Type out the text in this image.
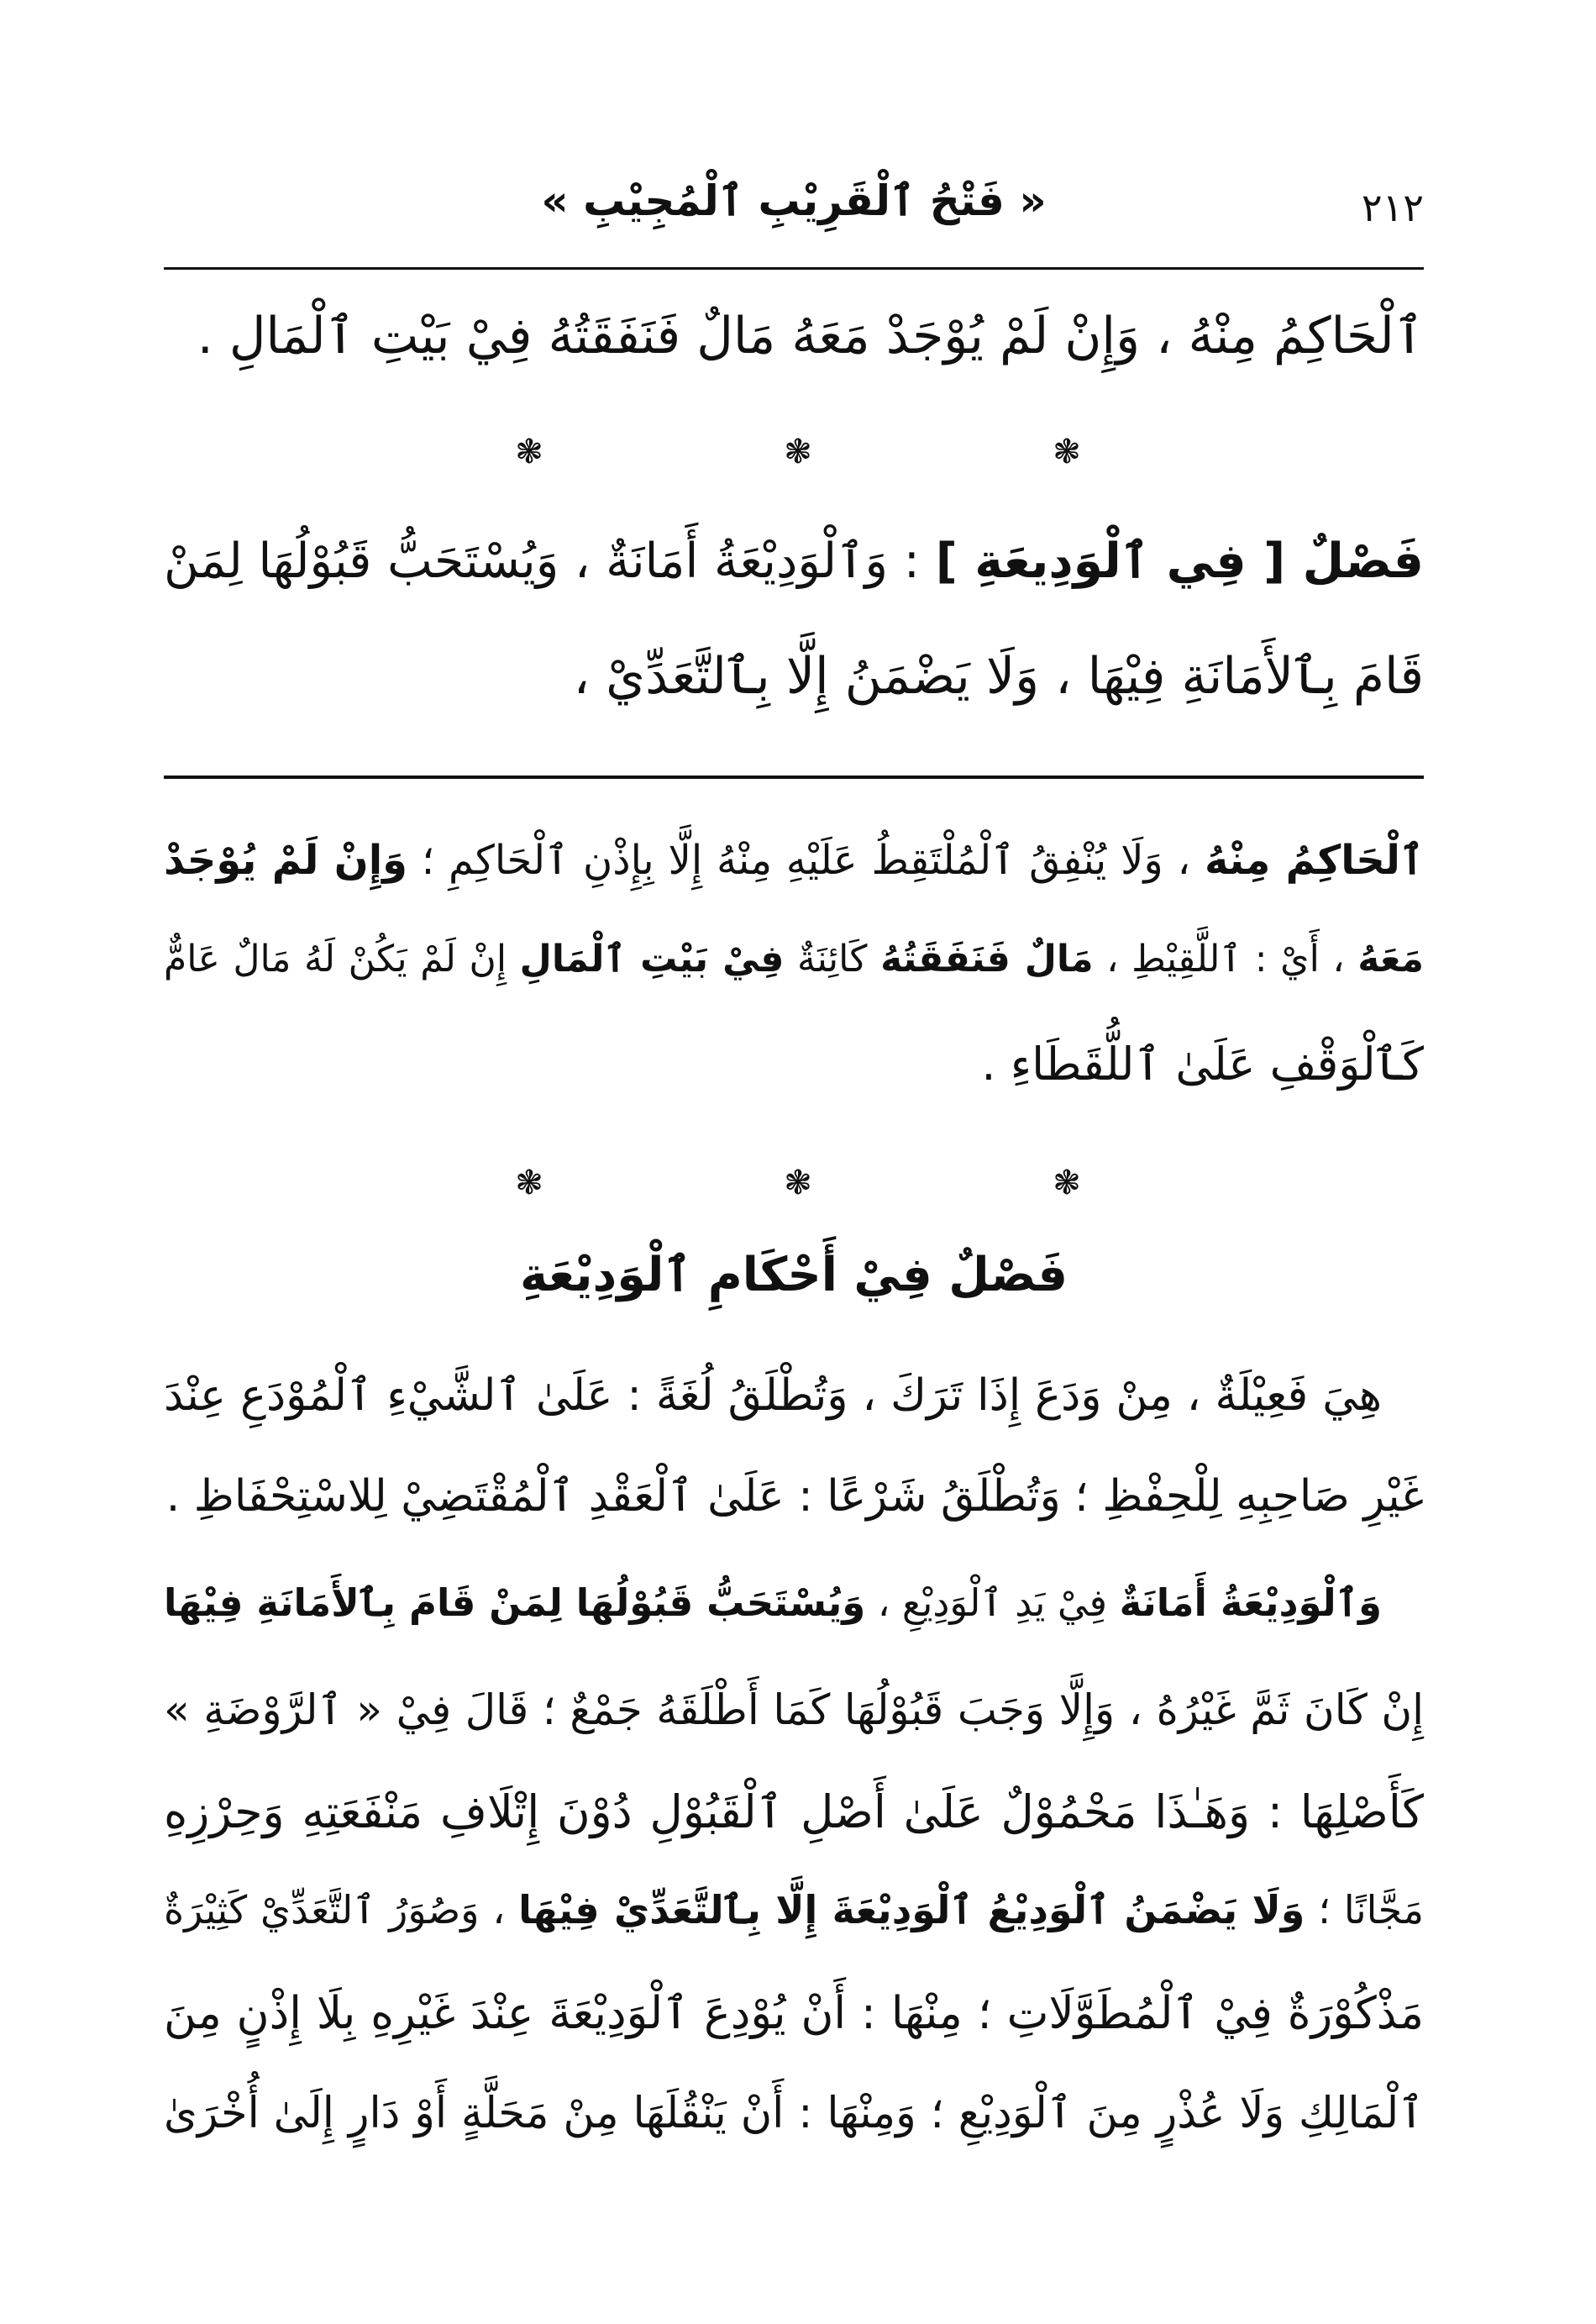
٢١٢
« فَتْحُ ٱلْقَرِيْبِ ٱلْمُجِيْبِ »
ٱلْحَاكِمُ مِنْهُ ، وَإِنْ لَمْ يُوْجَدْ مَعَهُ مَالٌ فَنَفَقَتُهُ فِيْ بَيْتِ ٱلْمَالِ .
❃	❃	❃
فَصْلٌ [ فِي ٱلْوَدِيعَةِ ] : وَٱلْوَدِيْعَةُ أَمَانَةٌ ، وَيُسْتَحَبُّ قَبُوْلُهَا لِمَنْ
قَامَ بِٱلأَمَانَةِ فِيْهَا ، وَلَا يَضْمَنُ إِلَّا بِٱلتَّعَدِّيْ ،
ٱلْحَاكِمُ مِنْهُ ، وَلَا يُنْفِقُ ٱلْمُلْتَقِطُ عَلَيْهِ مِنْهُ إِلَّا بِإِذْنِ ٱلْحَاكِمِ ؛ وَإِنْ لَمْ يُوْجَدْ
مَعَهُ ، أَيْ : ٱللَّقِيْطِ ، مَالٌ فَنَفَقَتُهُ كَائِنَةٌ فِيْ بَيْتِ ٱلْمَالِ إِنْ لَمْ يَكُنْ لَهُ مَالٌ عَامٌّ
كَٱلْوَقْفِ عَلَىٰ ٱللُّقَطَاءِ .
❃	❃	❃
فَصْلٌ فِيْ أَحْكَامِ ٱلْوَدِيْعَةِ
هِيَ فَعِيْلَةٌ ، مِنْ وَدَعَ إِذَا تَرَكَ ، وَتُطْلَقُ لُغَةً : عَلَىٰ ٱلشَّيْءِ ٱلْمُوْدَعِ عِنْدَ
غَيْرِ صَاحِبِهِ لِلْحِفْظِ ؛ وَتُطْلَقُ شَرْعًا : عَلَىٰ ٱلْعَقْدِ ٱلْمُقْتَضِيْ لِلاسْتِحْفَاظِ .
وَٱلْوَدِيْعَةُ أَمَانَةٌ فِيْ يَدِ ٱلْوَدِيْعِ ، وَيُسْتَحَبُّ قَبُوْلُهَا لِمَنْ قَامَ بِٱلأَمَانَةِ فِيْهَا
إِنْ كَانَ ثَمَّ غَيْرُهُ ، وَإِلَّا وَجَبَ قَبُوْلُهَا كَمَا أَطْلَقَهُ جَمْعٌ ؛ قَالَ فِيْ « ٱلرَّوْضَةِ »
كَأَصْلِهَا : وَهَـٰذَا مَحْمُوْلٌ عَلَىٰ أَصْلِ ٱلْقَبُوْلِ دُوْنَ إِتْلَافِ مَنْفَعَتِهِ وَحِرْزِهِ
مَجَّانًا ؛ وَلَا يَضْمَنُ ٱلْوَدِيْعُ ٱلْوَدِيْعَةَ إِلَّا بِٱلتَّعَدِّيْ فِيْهَا ، وَصُوَرُ ٱلتَّعَدِّيْ كَثِيْرَةٌ
مَذْكُوْرَةٌ فِيْ ٱلْمُطَوَّلَاتِ ؛ مِنْهَا : أَنْ يُوْدِعَ ٱلْوَدِيْعَةَ عِنْدَ غَيْرِهِ بِلَا إِذْنٍ مِنَ
ٱلْمَالِكِ وَلَا عُذْرٍ مِنَ ٱلْوَدِيْعِ ؛ وَمِنْهَا : أَنْ يَنْقُلَهَا مِنْ مَحَلَّةٍ أَوْ دَارٍ إِلَىٰ أُخْرَىٰ
